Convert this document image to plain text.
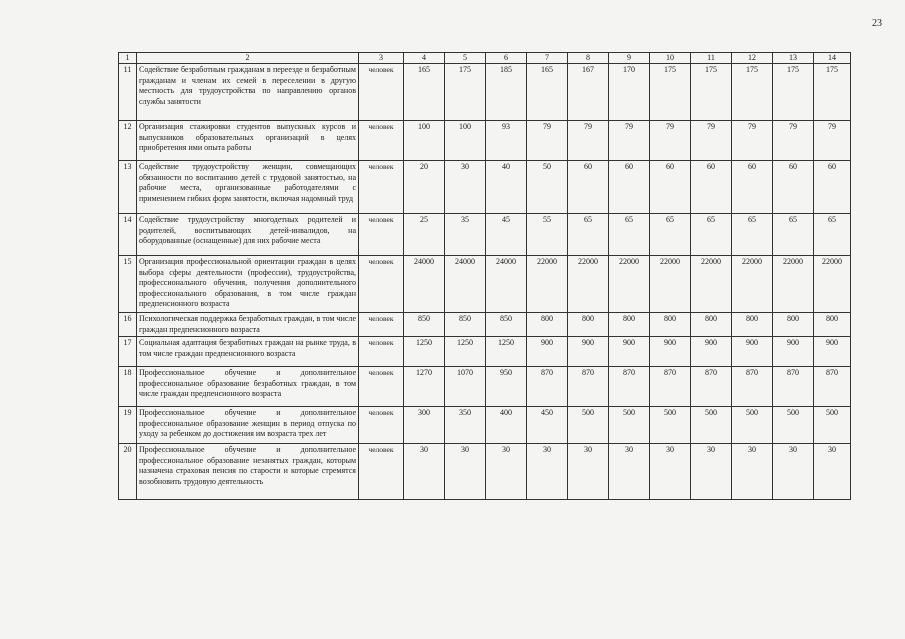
23
1	2	3	4	5	6	7	8	9	10	11	12	13	14
11	Содействие безработным гражданам в переезде и безработным гражданам и членам их семей в переселении в другую местность для трудоустройства по направлению органов службы занятости	человек	165	175	185	165	167	170	175	175	175	175	175
12	Организация стажировки студентов выпускных курсов и выпускников образовательных организаций в целях приобретения ими опыта работы	человек	100	100	93	79	79	79	79	79	79	79	79
13	Содействие трудоустройству женщин, совмещающих обязанности по воспитанию детей с трудовой занятостью, на рабочие места, организованные работодателями с применением гибких форм занятости, включая надомный труд	человек	20	30	40	50	60	60	60	60	60	60	60
14	Содействие трудоустройству многодетных родителей и родителей, воспитывающих детей-инвалидов, на оборудованные (оснащенные) для них рабочие места	человек	25	35	45	55	65	65	65	65	65	65	65
15	Организация профессиональной ориентации граждан в целях выбора сферы деятельности (профессии), трудоустройства, профессионального обучения, получения дополнительного профессионального образования, в том числе граждан предпенсионного возраста	человек	24000	24000	24000	22000	22000	22000	22000	22000	22000	22000	22000
16	Психологическая поддержка безработных граждан, в том числе граждан предпенсионного возраста	человек	850	850	850	800	800	800	800	800	800	800	800
17	Социальная адаптация безработных граждан на рынке труда, в том числе граждан предпенсионного возраста	человек	1250	1250	1250	900	900	900	900	900	900	900	900
18	Профессиональное обучение и дополнительное профессиональное образование безработных граждан, в том числе граждан предпенсионного возраста	человек	1270	1070	950	870	870	870	870	870	870	870	870
19	Профессиональное обучение и дополнительное профессиональное образование женщин в период отпуска по уходу за ребенком до достижения им возраста трех лет	человек	300	350	400	450	500	500	500	500	500	500	500
20	Профессиональное обучение и дополнительное профессиональное образование незанятых граждан, которым назначена страховая пенсия по старости и которые стремятся возобновить трудовую деятельность	человек	30	30	30	30	30	30	30	30	30	30	30
